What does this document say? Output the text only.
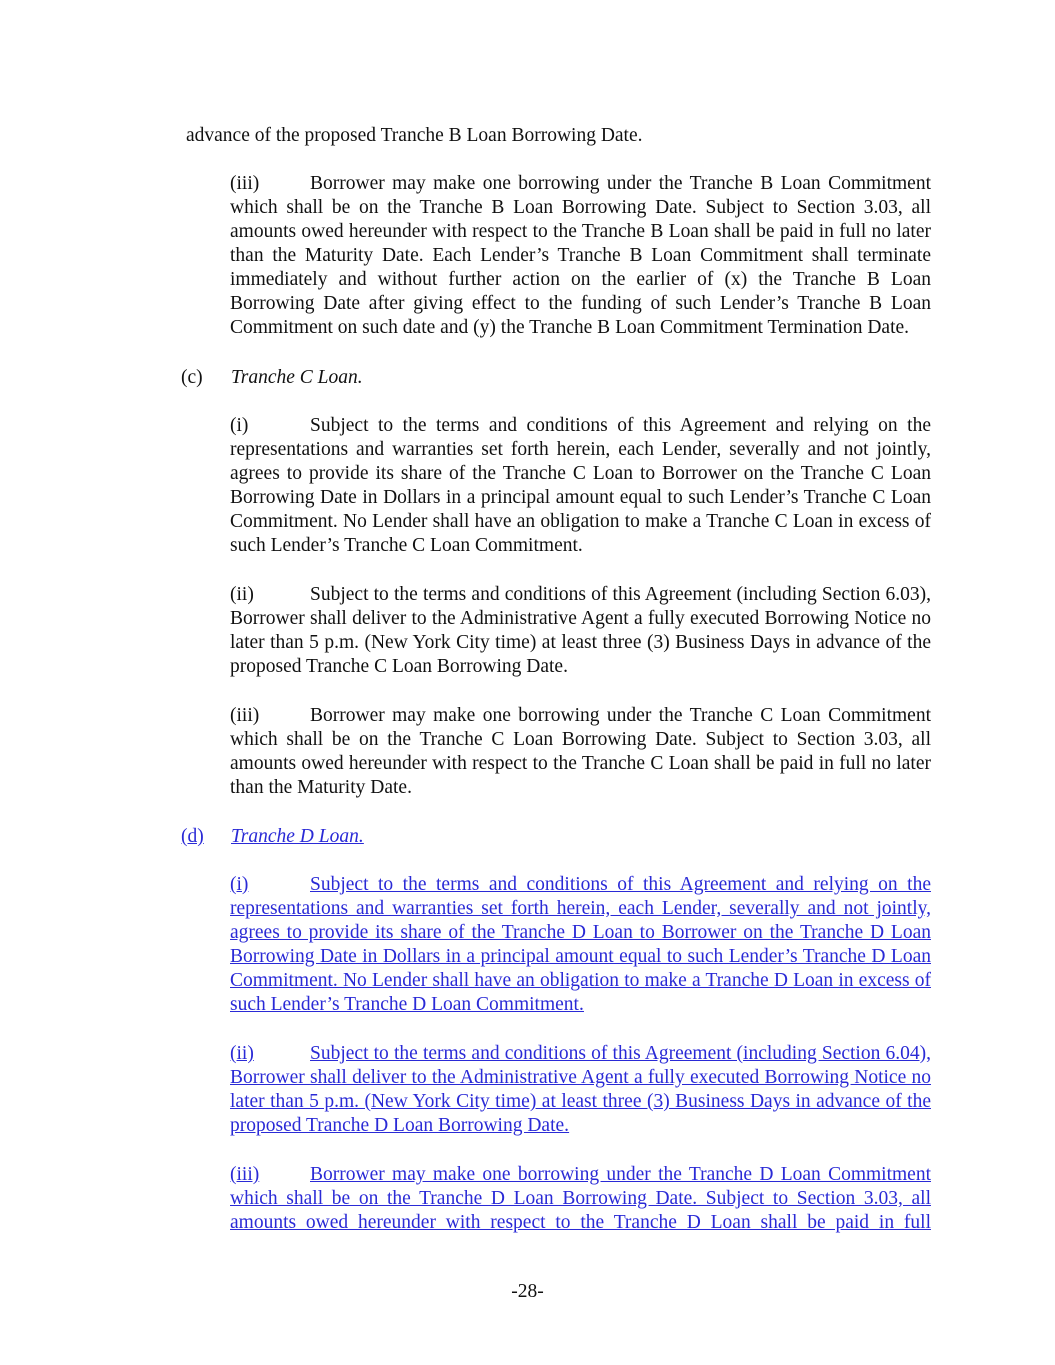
advance of the proposed Tranche B Loan Borrowing Date.

(iii)	Borrower may make one borrowing under the Tranche B Loan Commitment which shall be on the Tranche B Loan Borrowing Date. Subject to Section 3.03, all amounts owed hereunder with respect to the Tranche B Loan shall be paid in full no later than the Maturity Date. Each Lender’s Tranche B Loan Commitment shall terminate immediately and without further action on the earlier of (x) the Tranche B Loan Borrowing Date after giving effect to the funding of such Lender’s Tranche B Loan Commitment on such date and (y) the Tranche B Loan Commitment Termination Date.

(c) Tranche C Loan.

(i)	Subject to the terms and conditions of this Agreement and relying on the representations and warranties set forth herein, each Lender, severally and not jointly, agrees to provide its share of the Tranche C Loan to Borrower on the Tranche C Loan Borrowing Date in Dollars in a principal amount equal to such Lender’s Tranche C Loan Commitment. No Lender shall have an obligation to make a Tranche C Loan in excess of such Lender’s Tranche C Loan Commitment.

(ii)	Subject to the terms and conditions of this Agreement (including Section 6.03), Borrower shall deliver to the Administrative Agent a fully executed Borrowing Notice no later than 5 p.m. (New York City time) at least three (3) Business Days in advance of the proposed Tranche C Loan Borrowing Date.

(iii)	Borrower may make one borrowing under the Tranche C Loan Commitment which shall be on the Tranche C Loan Borrowing Date. Subject to Section 3.03, all amounts owed hereunder with respect to the Tranche C Loan shall be paid in full no later than the Maturity Date.

(d) Tranche D Loan.

(i)	Subject to the terms and conditions of this Agreement and relying on the representations and warranties set forth herein, each Lender, severally and not jointly, agrees to provide its share of the Tranche D Loan to Borrower on the Tranche D Loan Borrowing Date in Dollars in a principal amount equal to such Lender’s Tranche D Loan Commitment. No Lender shall have an obligation to make a Tranche D Loan in excess of such Lender’s Tranche D Loan Commitment.

(ii)	Subject to the terms and conditions of this Agreement (including Section 6.04), Borrower shall deliver to the Administrative Agent a fully executed Borrowing Notice no later than 5 p.m. (New York City time) at least three (3) Business Days in advance of the proposed Tranche D Loan Borrowing Date.

(iii)	Borrower may make one borrowing under the Tranche D Loan Commitment which shall be on the Tranche D Loan Borrowing Date. Subject to Section 3.03, all amounts owed hereunder with respect to the Tranche D Loan shall be paid in full

-28-
